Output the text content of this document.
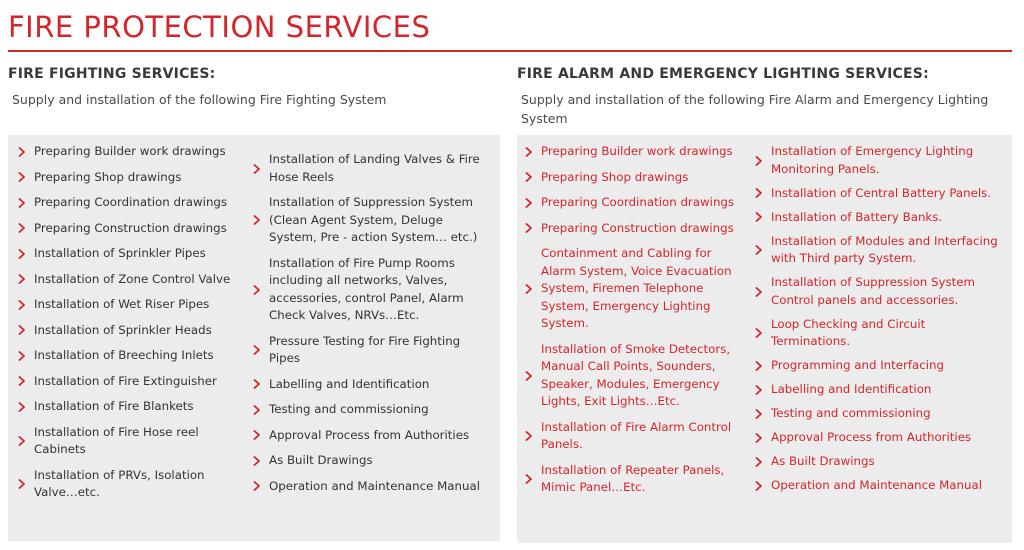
FIRE PROTECTION SERVICES
FIRE FIGHTING SERVICES:

Supply and installation of the following Fire Fighting System

FIRE ALARM AND EMERGENCY LIGHTING SERVICES:

Supply and installation of the following Fire Alarm and Emergency Lighting System

Preparing Builder work drawings
Preparing Shop drawings
Preparing Coordination drawings
Preparing Construction drawings
Installation of Sprinkler Pipes
Installation of Zone Control Valve
Installation of Wet Riser Pipes
Installation of Sprinkler Heads
Installation of Breeching Inlets
Installation of Fire Extinguisher
Installation of Fire Blankets
Installation of Fire Hose reel Cabinets
Installation of PRVs, Isolation Valve…etc.
Installation of Landing Valves & Fire Hose Reels
Installation of Suppression System (Clean Agent System, Deluge System, Pre - action System… etc.)
Installation of Fire Pump Rooms including all networks, Valves, accessories, control Panel, Alarm Check Valves, NRVs…Etc.
Pressure Testing for Fire Fighting Pipes
Labelling and Identification
Testing and commissioning
Approval Process from Authorities
As Built Drawings
Operation and Maintenance Manual
Preparing Builder work drawings
Preparing Shop drawings
Preparing Coordination drawings
Preparing Construction drawings
Containment and Cabling for Alarm System, Voice Evacuation System, Firemen Telephone System, Emergency Lighting System.
Installation of Smoke Detectors, Manual Call Points, Sounders, Speaker, Modules, Emergency Lights, Exit Lights…Etc.
Installation of Fire Alarm Control Panels.
Installation of Repeater Panels, Mimic Panel…Etc.
Installation of Emergency Lighting Monitoring Panels.
Installation of Central Battery Panels.
Installation of Battery Banks.
Installation of Modules and Interfacing with Third party System.
Installation of Suppression System Control panels and accessories.
Loop Checking and Circuit Terminations.
Programming and Interfacing
Labelling and Identification
Testing and commissioning
Approval Process from Authorities
As Built Drawings
Operation and Maintenance Manual
